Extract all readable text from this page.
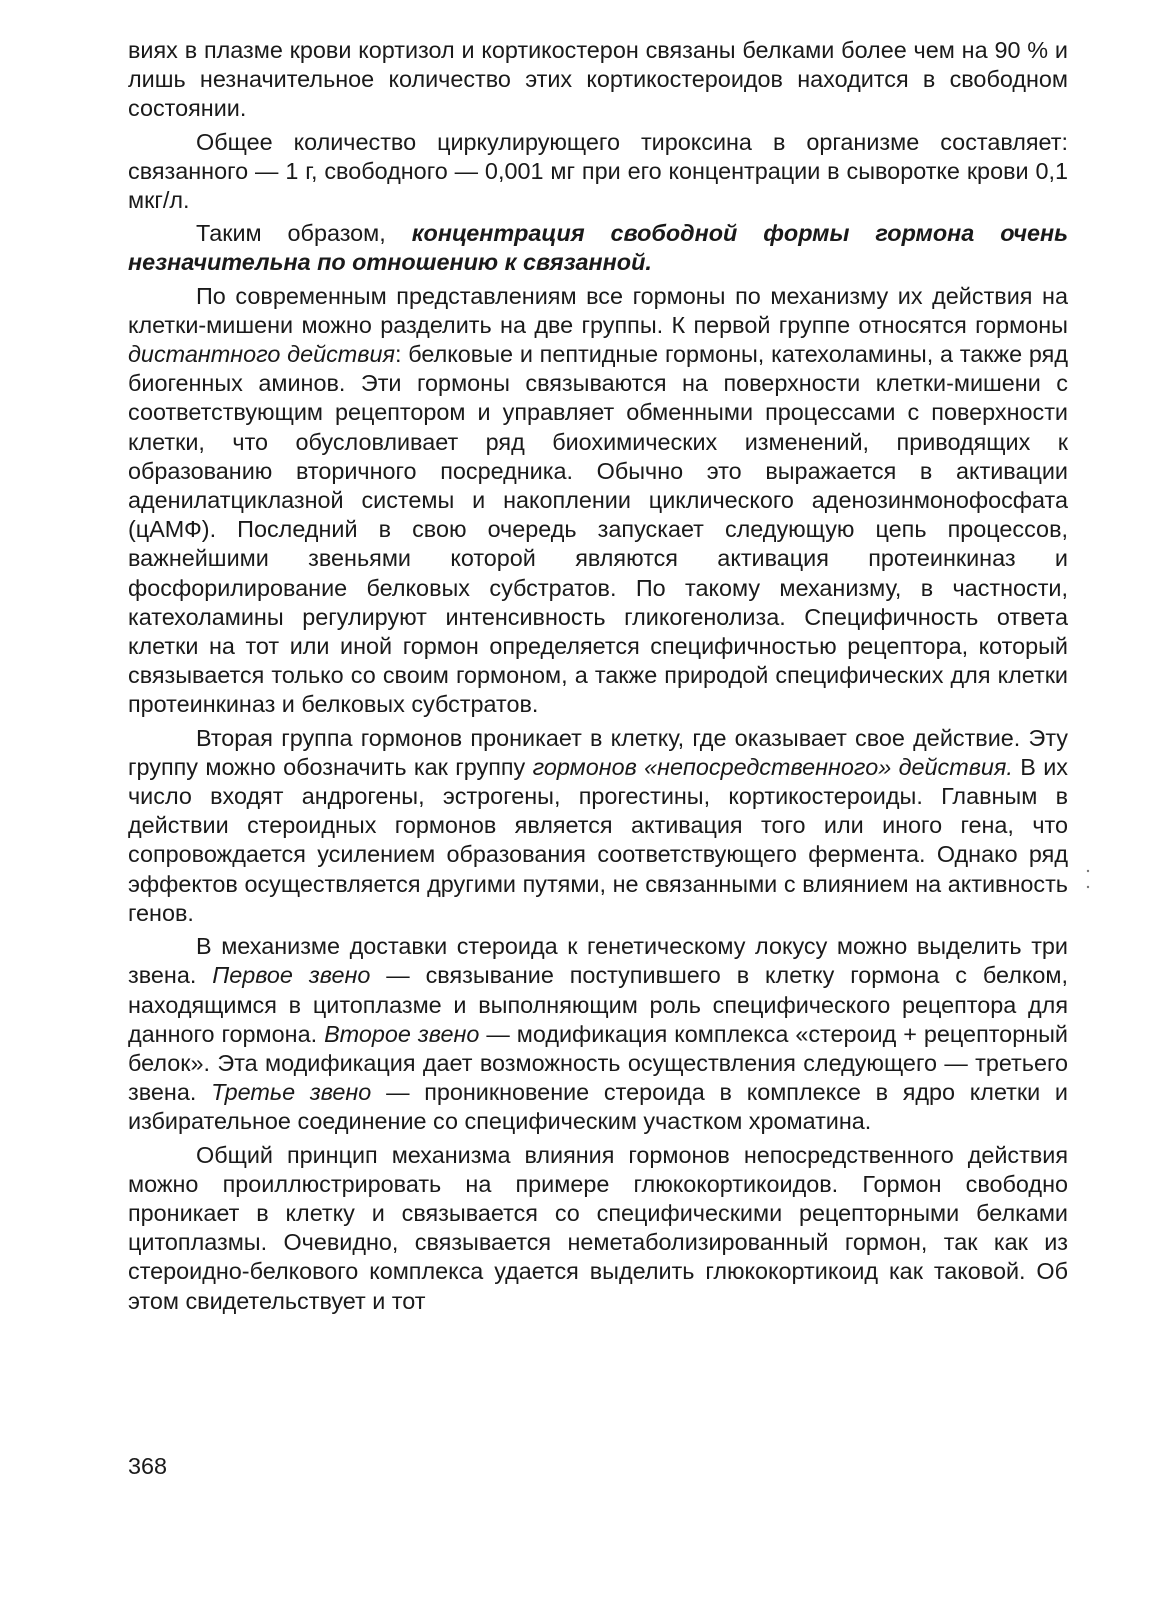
виях в плазме крови кортизол и кортикостерон связаны белками более чем на 90 % и лишь незначительное количество этих кортикостероидов находится в свободном состоянии.

Общее количество циркулирующего тироксина в организме составляет: связанного — 1 г, свободного — 0,001 мг при его концентрации в сыворотке крови 0,1 мкг/л.

Таким образом, концентрация свободной формы гормона очень незначительна по отношению к связанной.

По современным представлениям все гормоны по механизму их действия на клетки-мишени можно разделить на две группы. К первой группе относятся гормоны дистантного действия: белковые и пептидные гормоны, катехоламины, а также ряд биогенных аминов. Эти гормоны связываются на поверхности клетки-мишени с соответствующим рецептором и управляет обменными процессами с поверхности клетки, что обусловливает ряд биохимических изменений, приводящих к образованию вторичного посредника. Обычно это выражается в активации аденилатциклазной системы и накоплении циклического аденозинмонофосфата (цАМФ). Последний в свою очередь запускает следующую цепь процессов, важнейшими звеньями которой являются активация протеинкиназ и фосфорилирование белковых субстратов. По такому механизму, в частности, катехоламины регулируют интенсивность гликогенолиза. Специфичность ответа клетки на тот или иной гормон определяется специфичностью рецептора, который связывается только со своим гормоном, а также природой специфических для клетки протеинкиназ и белковых субстратов.

Вторая группа гормонов проникает в клетку, где оказывает свое действие. Эту группу можно обозначить как группу гормонов «непосредственного» действия. В их число входят андрогены, эстрогены, прогестины, кортикостероиды. Главным в действии стероидных гормонов является активация того или иного гена, что сопровождается усилением образования соответствующего фермента. Однако ряд эффектов осуществляется другими путями, не связанными с влиянием на активность генов.

В механизме доставки стероида к генетическому локусу можно выделить три звена. Первое звено — связывание поступившего в клетку гормона с белком, находящимся в цитоплазме и выполняющим роль специфического рецептора для данного гормона. Второе звено — модификация комплекса «стероид + рецепторный белок». Эта модификация дает возможность осуществления следующего — третьего звена. Третье звено — проникновение стероида в комплексе в ядро клетки и избирательное соединение со специфическим участком хроматина.

Общий принцип механизма влияния гормонов непосредственного действия можно проиллюстрировать на примере глюкокортикоидов. Гормон свободно проникает в клетку и связывается со специфическими рецепторными белками цитоплазмы. Очевидно, связывается неметаболизированный гормон, так как из стероидно-белкового комплекса удается выделить глюкокортикоид как таковой. Об этом свидетельствует и тот

368
